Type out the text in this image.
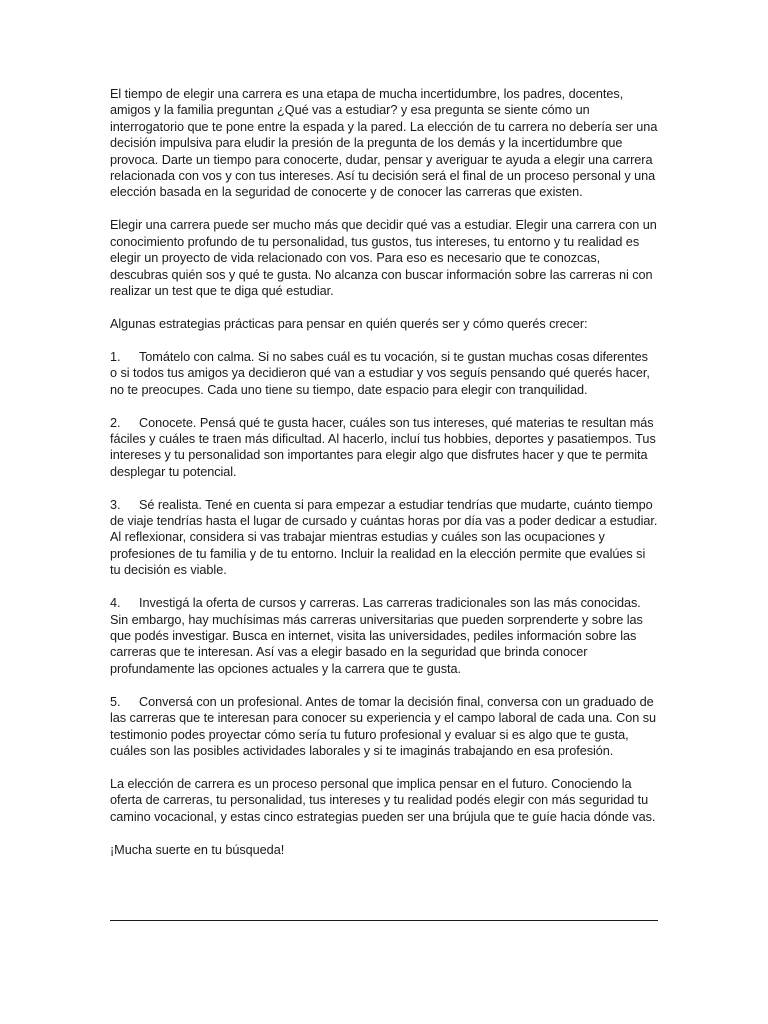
El tiempo de elegir una carrera es una etapa de mucha incertidumbre, los padres, docentes, amigos y la familia preguntan ¿Qué vas a estudiar? y esa pregunta se siente cómo un interrogatorio que te pone entre la espada y la pared. La elección de tu carrera no debería ser una decisión impulsiva para eludir la presión de la pregunta de los demás y la incertidumbre que provoca. Darte un tiempo para conocerte, dudar, pensar y averiguar te ayuda a elegir una carrera relacionada con vos y con tus intereses. Así tu decisión será el final de un proceso personal y una elección basada en la seguridad de conocerte y de conocer las carreras que existen.

Elegir una carrera puede ser mucho más que decidir qué vas a estudiar. Elegir una carrera con un conocimiento profundo de tu personalidad, tus gustos, tus intereses, tu entorno y tu realidad es elegir un proyecto de vida relacionado con vos. Para eso es necesario que te conozcas, descubras quién sos y qué te gusta. No alcanza con buscar información sobre las carreras ni con realizar un test que te diga qué estudiar.

Algunas estrategias prácticas para pensar en quién querés ser y cómo querés crecer:

1. Tomátelo con calma. Si no sabes cuál es tu vocación, si te gustan muchas cosas diferentes o si todos tus amigos ya decidieron qué van a estudiar y vos seguís pensando qué querés hacer, no te preocupes. Cada uno tiene su tiempo, date espacio para elegir con tranquilidad.

2. Conocete. Pensá qué te gusta hacer, cuáles son tus intereses, qué materias te resultan más fáciles y cuáles te traen más dificultad. Al hacerlo, incluí tus hobbies, deportes y pasatiempos. Tus intereses y tu personalidad son importantes para elegir algo que disfrutes hacer y que te permita desplegar tu potencial.

3. Sé realista. Tené en cuenta si para empezar a estudiar tendrías que mudarte, cuánto tiempo de viaje tendrías hasta el lugar de cursado y cuántas horas por día vas a poder dedicar a estudiar. Al reflexionar, considera si vas trabajar mientras estudias y cuáles son las ocupaciones y profesiones de tu familia y de tu entorno. Incluir la realidad en la elección permite que evalúes si tu decisión es viable.

4. Investigá la oferta de cursos y carreras. Las carreras tradicionales son las más conocidas. Sin embargo, hay muchísimas más carreras universitarias que pueden sorprenderte y sobre las que podés investigar. Busca en internet, visita las universidades, pediles información sobre las carreras que te interesan. Así vas a elegir basado en la seguridad que brinda conocer profundamente las opciones actuales y la carrera que te gusta.

5. Conversá con un profesional. Antes de tomar la decisión final, conversa con un graduado de las carreras que te interesan para conocer su experiencia y el campo laboral de cada una. Con su testimonio podes proyectar cómo sería tu futuro profesional y evaluar si es algo que te gusta, cuáles son las posibles actividades laborales y si te imaginás trabajando en esa profesión.

La elección de carrera es un proceso personal que implica pensar en el futuro. Conociendo la oferta de carreras, tu personalidad, tus intereses y tu realidad podés elegir con más seguridad tu camino vocacional, y estas cinco estrategias pueden ser una brújula que te guíe hacia dónde vas.

¡Mucha suerte en tu búsqueda!
